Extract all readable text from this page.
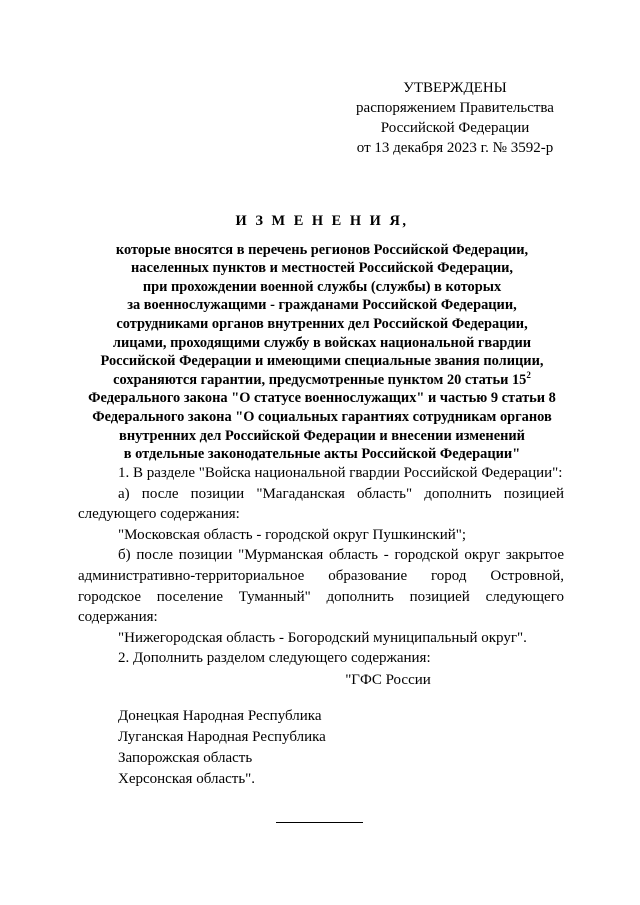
УТВЕРЖДЕНЫ
распоряжением Правительства
Российской Федерации
от 13 декабря 2023 г. № 3592-р
И З М Е Н Е Н И Я,
которые вносятся в перечень регионов Российской Федерации,
населенных пунктов и местностей Российской Федерации,
при прохождении военной службы (службы) в которых
за военнослужащими - гражданами Российской Федерации,
сотрудниками органов внутренних дел Российской Федерации,
лицами, проходящими службу в войсках национальной гвардии
Российской Федерации и имеющими специальные звания полиции,
сохраняются гарантии, предусмотренные пунктом 20 статьи $15^2$
Федерального закона "О статусе военнослужащих" и частью 9 статьи 8
Федерального закона "О социальных гарантиях сотрудникам органов
внутренних дел Российской Федерации и внесении изменений
в отдельные законодательные акты Российской Федерации"

1. В разделе "Войска национальной гвардии Российской Федерации":

а) после позиции "Магаданская область" дополнить позицией следующего содержания:

"Московская область - городской округ Пушкинский";

б) после позиции "Мурманская область - городской округ закрытое административно-территориальное образование город Островной, городское поселение Туманный" дополнить позицией следующего содержания:

"Нижегородская область - Богородский муниципальный округ".

2. Дополнить разделом следующего содержания:

"ГФС России
Донецкая Народная Республика
Луганская Народная Республика
Запорожская область
Херсонская область".
